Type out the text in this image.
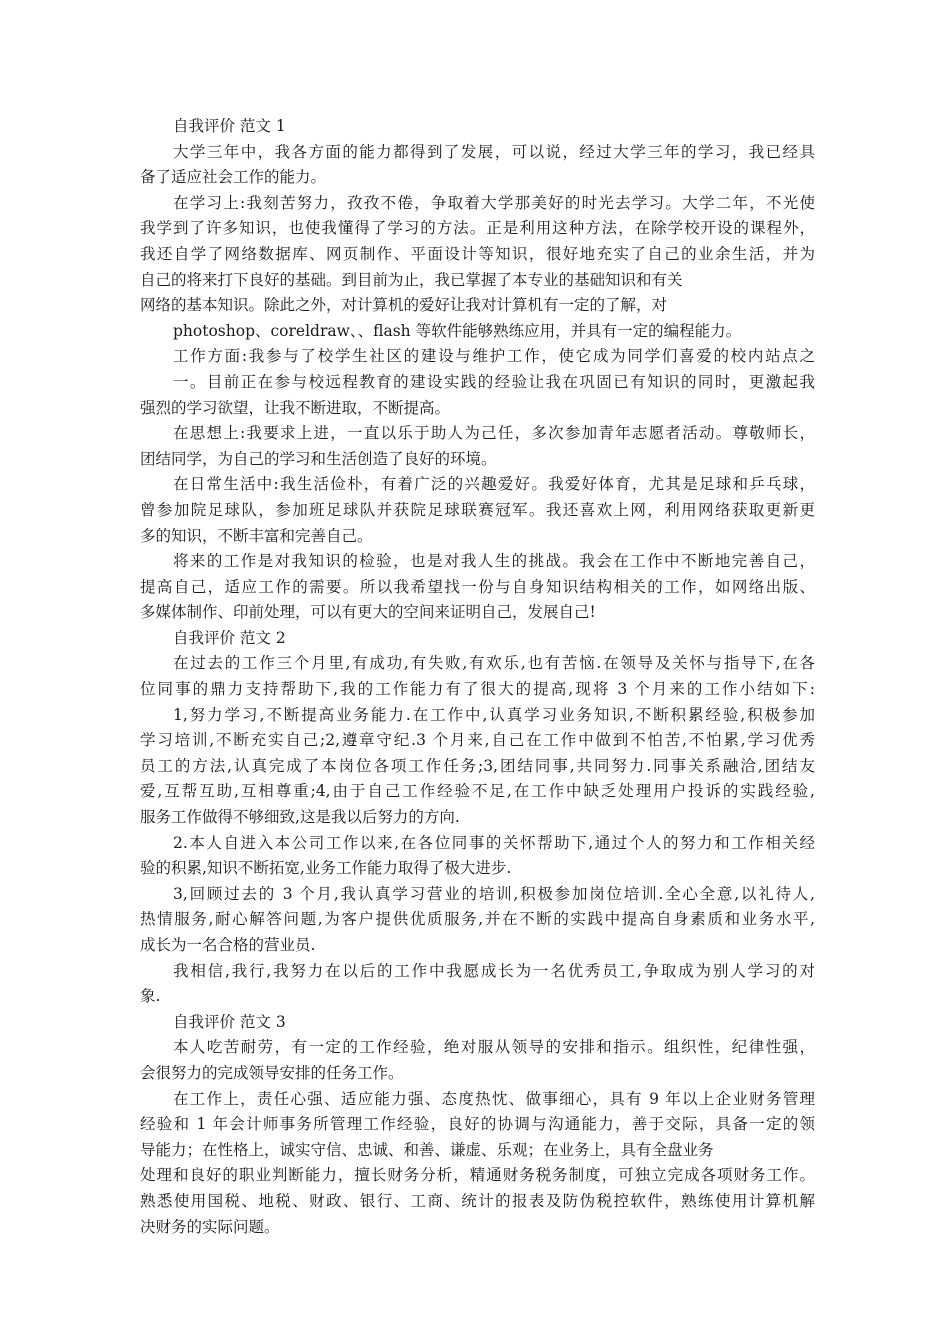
自我评价 范文 1
大学三年中，我各方面的能力都得到了发展，可以说，经过大学三年的学习，我已经具
备了适应社会工作的能力。
在学习上:我刻苦努力，孜孜不倦，争取着大学那美好的时光去学习。大学二年，不光使
我学到了许多知识，也使我懂得了学习的方法。正是利用这种方法，在除学校开设的课程外，
我还自学了网络数据库、网页制作、平面设计等知识，很好地充实了自己的业余生活，并为
自己的将来打下良好的基础。到目前为止，我已掌握了本专业的基础知识和有关
网络的基本知识。除此之外，对计算机的爱好让我对计算机有一定的了解，对
photoshop、coreldraw、、flash 等软件能够熟练应用，并具有一定的编程能力。
工作方面:我参与了校学生社区的建设与维护工作，使它成为同学们喜爱的校内站点之
一。目前正在参与校远程教育的建设实践的经验让我在巩固已有知识的同时，更激起我
强烈的学习欲望，让我不断进取，不断提高。
在思想上:我要求上进，一直以乐于助人为己任，多次参加青年志愿者活动。尊敬师长，
团结同学，为自己的学习和生活创造了良好的环境。
在日常生活中:我生活俭朴，有着广泛的兴趣爱好。我爱好体育，尤其是足球和乒乓球，
曾参加院足球队，参加班足球队并获院足球联赛冠军。我还喜欢上网，利用网络获取更新更
多的知识，不断丰富和完善自己。
将来的工作是对我知识的检验，也是对我人生的挑战。我会在工作中不断地完善自己，
提高自己，适应工作的需要。所以我希望找一份与自身知识结构相关的工作，如网络出版、
多媒体制作、印前处理，可以有更大的空间来证明自己，发展自己!
自我评价 范文 2
在过去的工作三个月里,有成功,有失败,有欢乐,也有苦恼.在领导及关怀与指导下,在各
位同事的鼎力支持帮助下,我的工作能力有了很大的提高,现将 3 个月来的工作小结如下:
1,努力学习,不断提高业务能力.在工作中,认真学习业务知识,不断积累经验,积极参加
学习培训,不断充实自己;2,遵章守纪.3 个月来,自己在工作中做到不怕苦,不怕累,学习优秀
员工的方法,认真完成了本岗位各项工作任务;3,团结同事,共同努力.同事关系融洽,团结友
爱,互帮互助,互相尊重;4,由于自己工作经验不足,在工作中缺乏处理用户投诉的实践经验,
服务工作做得不够细致,这是我以后努力的方向.
2.本人自进入本公司工作以来,在各位同事的关怀帮助下,通过个人的努力和工作相关经
验的积累,知识不断拓宽,业务工作能力取得了极大进步.
3,回顾过去的 3 个月,我认真学习营业的培训,积极参加岗位培训.全心全意,以礼待人,
热情服务,耐心解答问题,为客户提供优质服务,并在不断的实践中提高自身素质和业务水平,
成长为一名合格的营业员.
我相信,我行,我努力在以后的工作中我愿成长为一名优秀员工,争取成为别人学习的对
象.
自我评价 范文 3
本人吃苦耐劳，有一定的工作经验，绝对服从领导的安排和指示。组织性，纪律性强，
会很努力的完成领导安排的任务工作。
在工作上，责任心强、适应能力强、态度热忱、做事细心，具有 9 年以上企业财务管理
经验和 1 年会计师事务所管理工作经验，良好的协调与沟通能力，善于交际，具备一定的领
导能力；在性格上，诚实守信、忠诚、和善、谦虚、乐观；在业务上，具有全盘业务
处理和良好的职业判断能力，擅长财务分析，精通财务税务制度，可独立完成各项财务工作。
熟悉使用国税、地税、财政、银行、工商、统计的报表及防伪税控软件，熟练使用计算机解
决财务的实际问题。
